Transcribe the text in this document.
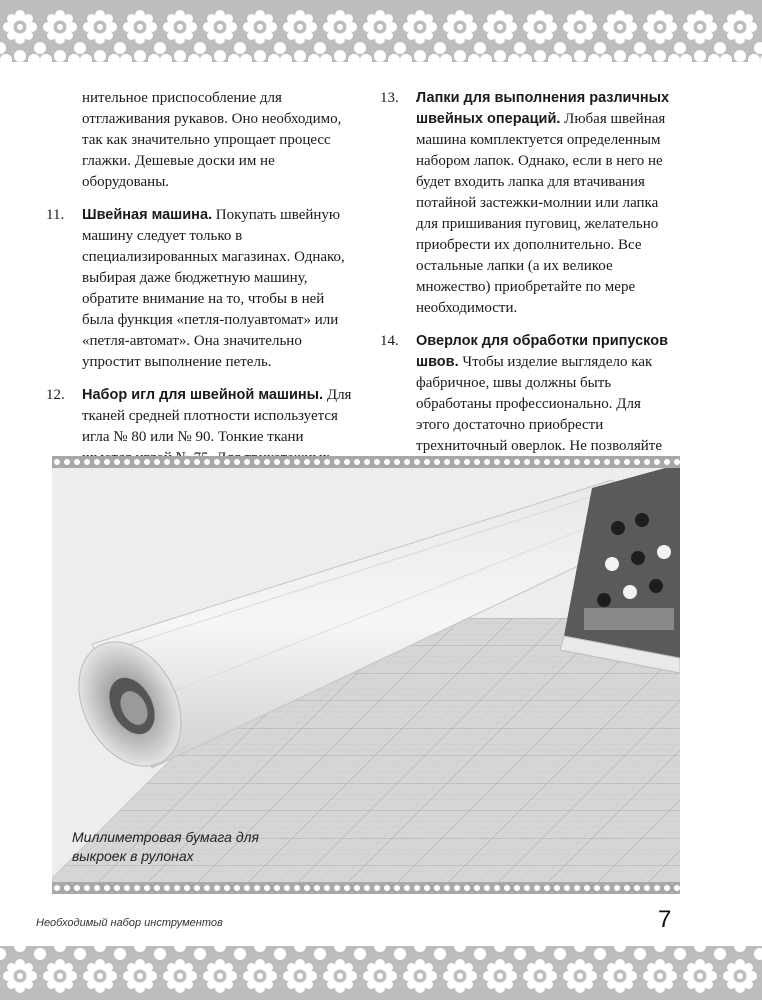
нительное приспособление для отглаживания рукавов. Оно необходимо, так как значительно упрощает процесс глажки. Дешевые доски им не оборудованы.

11. Швейная машина. Покупать швейную машину следует только в специализированных магазинах. Однако, выбирая даже бюджетную машину, обратите внимание на то, чтобы в ней была функция «петля-полуавтомат» или «петля-автомат». Она значительно упростит выполнение петель.
12. Набор игл для швейной машины. Для тканей средней плотности используется игла № 80 или № 90. Тонкие ткани
13. Лапки для выполнения различных швейных операций. Любая швейная машина комплектуется определенным набором лапок. Однако, если в него не будет входить лапка для втачивания потайной застежки-молнии или лапка для пришивания пуговиц, желательно приобрести их дополнительно. Все остальные лапки (а их великое множество) приобретайте по мере необходимости.
14. Оверлок для обработки припусков швов. Чтобы изделие выглядело как фабричное, швы должны быть обработаны профессионально. Для этого достаточно приобрести трехниточный оверлок. Не позволяйте
Миллиметровая бумага для выкроек в рулонах
Необходимый набор инструментов	7
